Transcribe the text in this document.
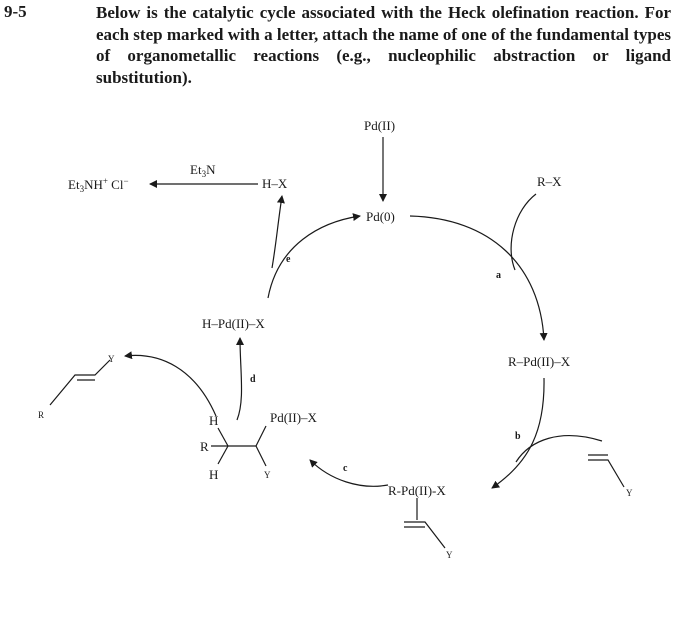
9-5	Below is the catalytic cycle associated with the Heck olefination reaction. For each step marked with a letter, attach the name of one of the fundamental types of organometallic reactions (e.g., nucleophilic abstraction or ligand substitution).
Pd(II)
Pd(0)
R–X
R–Pd(II)–X
R-Pd(II)-X
Y
Y
Pd(II)–X
H
H
R
Y
H–Pd(II)–X
R
Y
H–X
$Et_3N$
$Et_3NH^+$ Cl−
a
b
c
d
e
